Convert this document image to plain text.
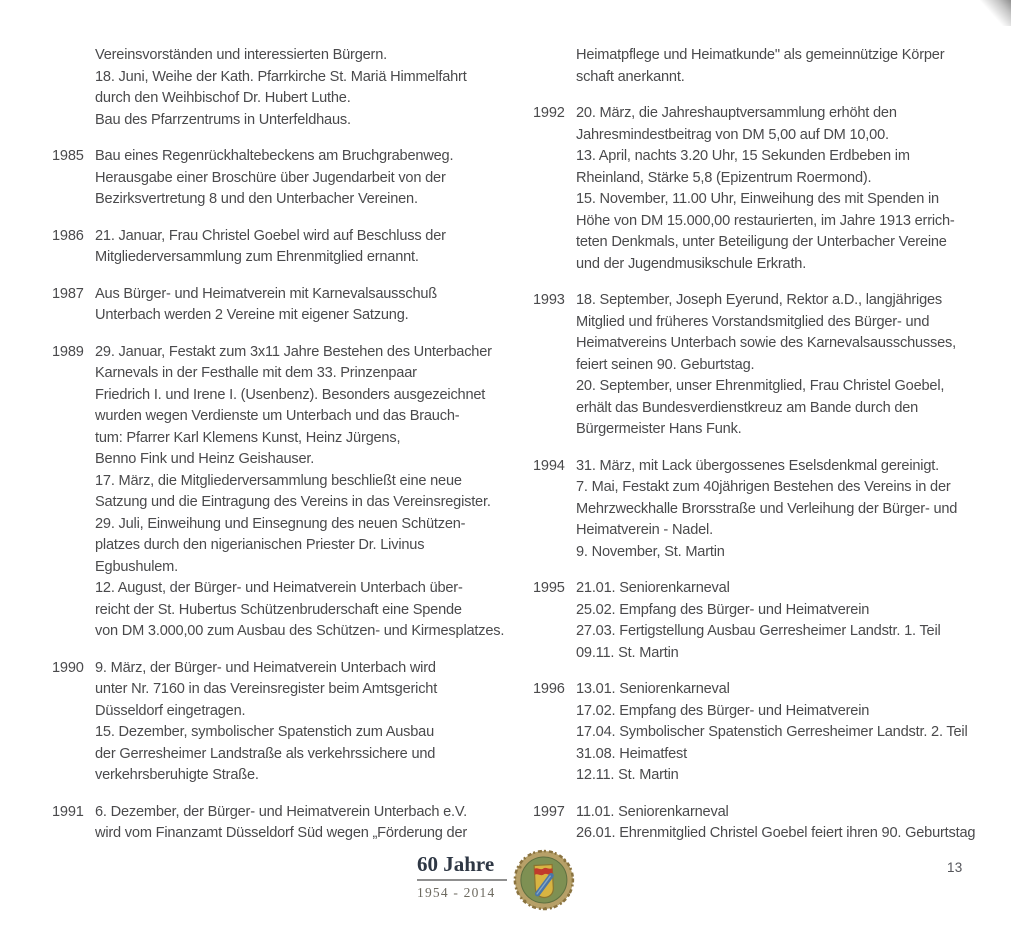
Vereinsvorständen und interessierten Bürgern.
18. Juni, Weihe der Kath. Pfarrkirche St. Mariä Himmelfahrt
durch den Weihbischof Dr. Hubert Luthe.
Bau des Pfarrzentrums in Unterfeldhaus.
1985 Bau eines Regenrückhaltebeckens am Bruchgrabenweg.
Herausgabe einer Broschüre über Jugendarbeit von der
Bezirksvertretung 8 und den Unterbacher Vereinen.
1986 21. Januar, Frau Christel Goebel wird auf Beschluss der
Mitgliederversammlung zum Ehrenmitglied ernannt.
1987 Aus Bürger- und Heimatverein mit Karnevalsausschuß
Unterbach werden 2 Vereine mit eigener Satzung.
1989 29. Januar, Festakt zum 3x11 Jahre Bestehen des Unterbacher
Karnevals in der Festhalle mit dem 33. Prinzenpaar
Friedrich I. und Irene I. (Usenbenz). Besonders ausgezeichnet
wurden wegen Verdienste um Unterbach und das Brauch-
tum: Pfarrer Karl Klemens Kunst, Heinz Jürgens,
Benno Fink und Heinz Geishauser.
17. März, die Mitgliederversammlung beschließt eine neue
Satzung und die Eintragung des Vereins in das Vereinsregister.
29. Juli, Einweihung und Einsegnung des neuen Schützen-
platzes durch den nigerianischen Priester Dr. Livinus
Egbushulem.
12. August, der Bürger- und Heimatverein Unterbach über-
reicht der St. Hubertus Schützenbruderschaft eine Spende
von DM 3.000,00 zum Ausbau des Schützen- und Kirmesplatzes.
1990 9. März, der Bürger- und Heimatverein Unterbach wird
unter Nr. 7160 in das Vereinsregister beim Amtsgericht
Düsseldorf eingetragen.
15. Dezember, symbolischer Spatenstich zum Ausbau
der Gerresheimer Landstraße als verkehrssichere und
verkehrsberuhigte Straße.
1991 6. Dezember, der Bürger- und Heimatverein Unterbach e.V.
wird vom Finanzamt Düsseldorf Süd wegen „Förderung der
Heimatpflege und Heimatkunde" als gemeinnützige Körper
schaft anerkannt.
1992 20. März, die Jahreshauptversammlung erhöht den
Jahresmindestbeitrag von DM 5,00 auf DM 10,00.
13. April, nachts 3.20 Uhr, 15 Sekunden Erdbeben im
Rheinland, Stärke 5,8 (Epizentrum Roermond).
15. November, 11.00 Uhr, Einweihung des mit Spenden in
Höhe von DM 15.000,00 restaurierten, im Jahre 1913 errich-
teten Denkmals, unter Beteiligung der Unterbacher Vereine
und der Jugendmusikschule Erkrath.
1993 18. September, Joseph Eyerund, Rektor a.D., langjähriges
Mitglied und früheres Vorstandsmitglied des Bürger- und
Heimatvereins Unterbach sowie des Karnevalsausschusses,
feiert seinen 90. Geburtstag.
20. September, unser Ehrenmitglied, Frau Christel Goebel,
erhält das Bundesverdienstkreuz am Bande durch den
Bürgermeister Hans Funk.
1994 31. März, mit Lack übergossenes Eselsdenkmal gereinigt.
7. Mai, Festakt zum 40jährigen Bestehen des Vereins in der
Mehrzweckhalle Brorsstraße und Verleihung der Bürger- und
Heimatverein - Nadel.
9. November, St. Martin
1995 21.01. Seniorenkarneval
25.02. Empfang des Bürger- und Heimatverein
27.03. Fertigstellung Ausbau Gerresheimer Landstr. 1. Teil
09.11. St. Martin
1996 13.01. Seniorenkarneval
17.02. Empfang des Bürger- und Heimatverein
17.04. Symbolischer Spatenstich Gerresheimer Landstr. 2. Teil
31.08. Heimatfest
12.11. St. Martin
1997 11.01. Seniorenkarneval
26.01. Ehrenmitglied Christel Goebel feiert ihren 90. Geburtstag
60 Jahre
1954 - 2014
13
